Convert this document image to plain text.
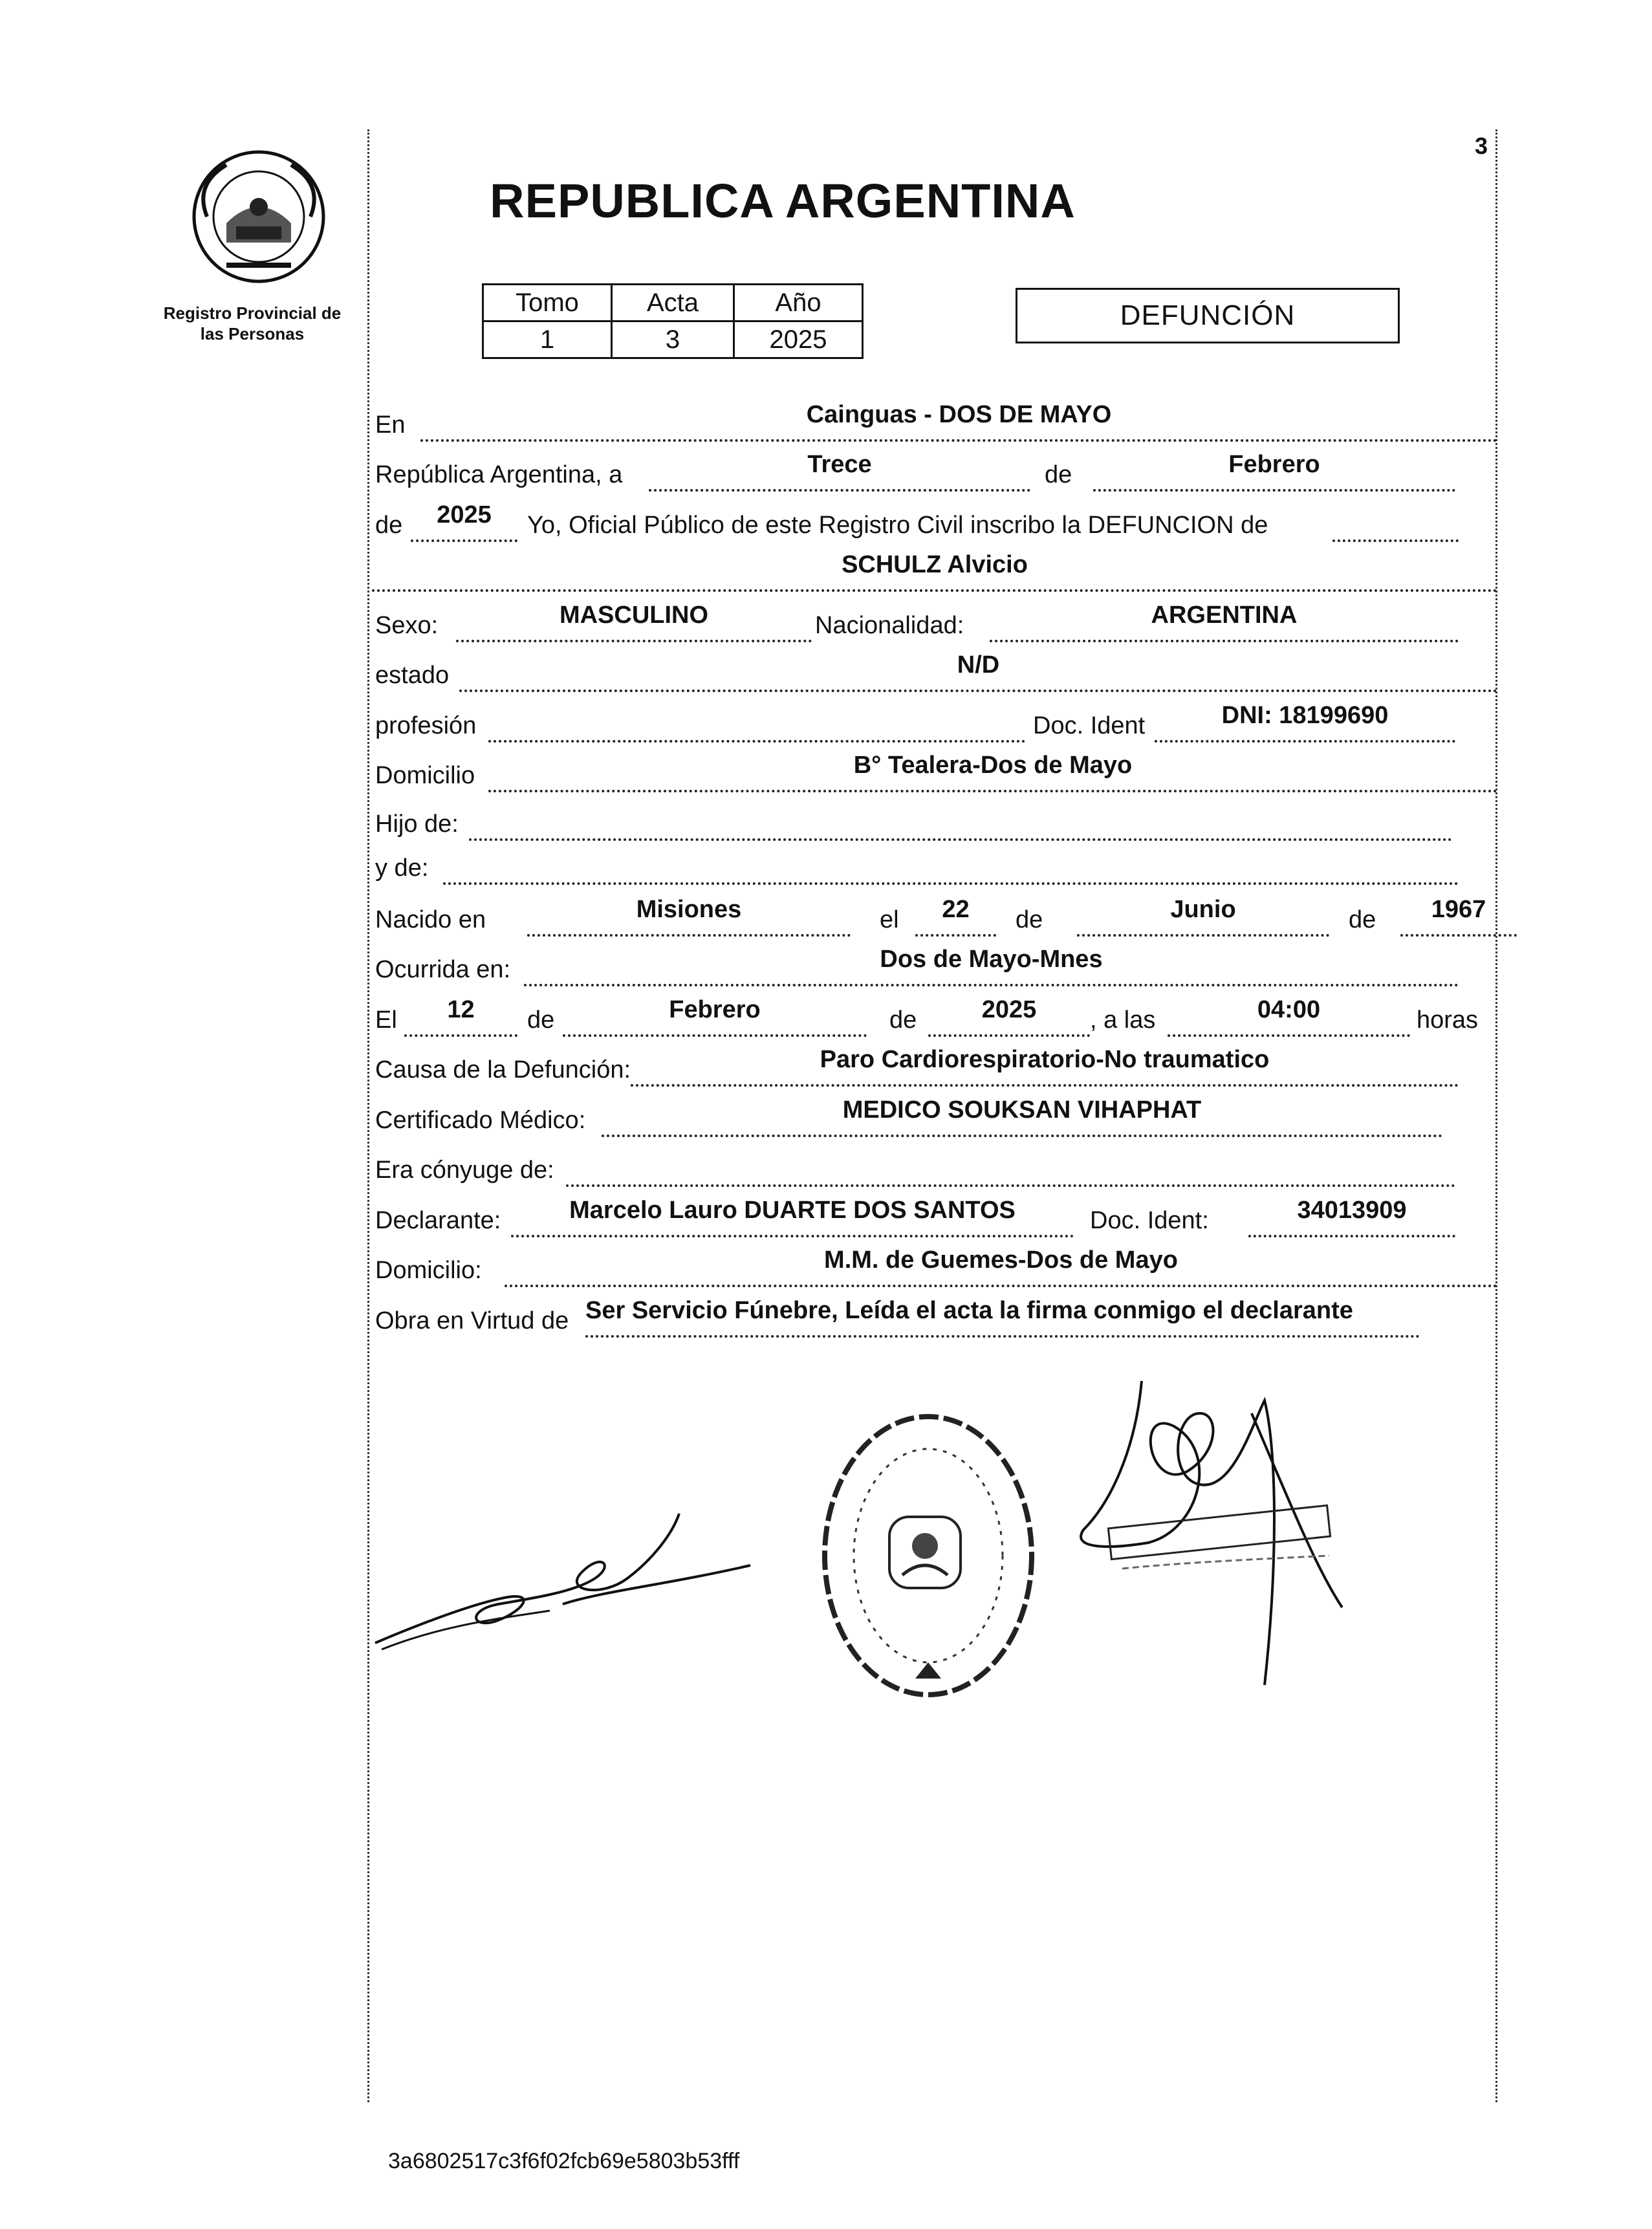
Registro Provincial de las Personas
3
REPUBLICA ARGENTINA
Tomo	Acta	Año
1	3	2025
DEFUNCIÓN
En	Cainguas - DOS DE MAYO
República Argentina, a	Trece	de	Febrero
de	2025	Yo, Oficial Público de este Registro Civil inscribo la DEFUNCION de
SCHULZ Alvicio
Sexo:	MASCULINO	Nacionalidad:	ARGENTINA
estado	N/D
profesión	Doc. Ident	DNI: 18199690
Domicilio	B° Tealera-Dos de Mayo
Hijo de:
y de:
Nacido en	Misiones	el	22	de	Junio	de	1967
Ocurrida en:	Dos de Mayo-Mnes
El	12	de	Febrero	de	2025	, a las	04:00	horas
Causa de la Defunción:	Paro Cardiorespiratorio-No traumatico
Certificado Médico:	MEDICO SOUKSAN VIHAPHAT
Era cónyuge de:
Declarante:	Marcelo Lauro DUARTE DOS SANTOS	Doc. Ident:	34013909
Domicilio:	M.M. de Guemes-Dos de Mayo
Obra en Virtud de Ser Servicio Fúnebre, Leída el acta la firma conmigo el declarante
3a6802517c3f6f02fcb69e5803b53fff
